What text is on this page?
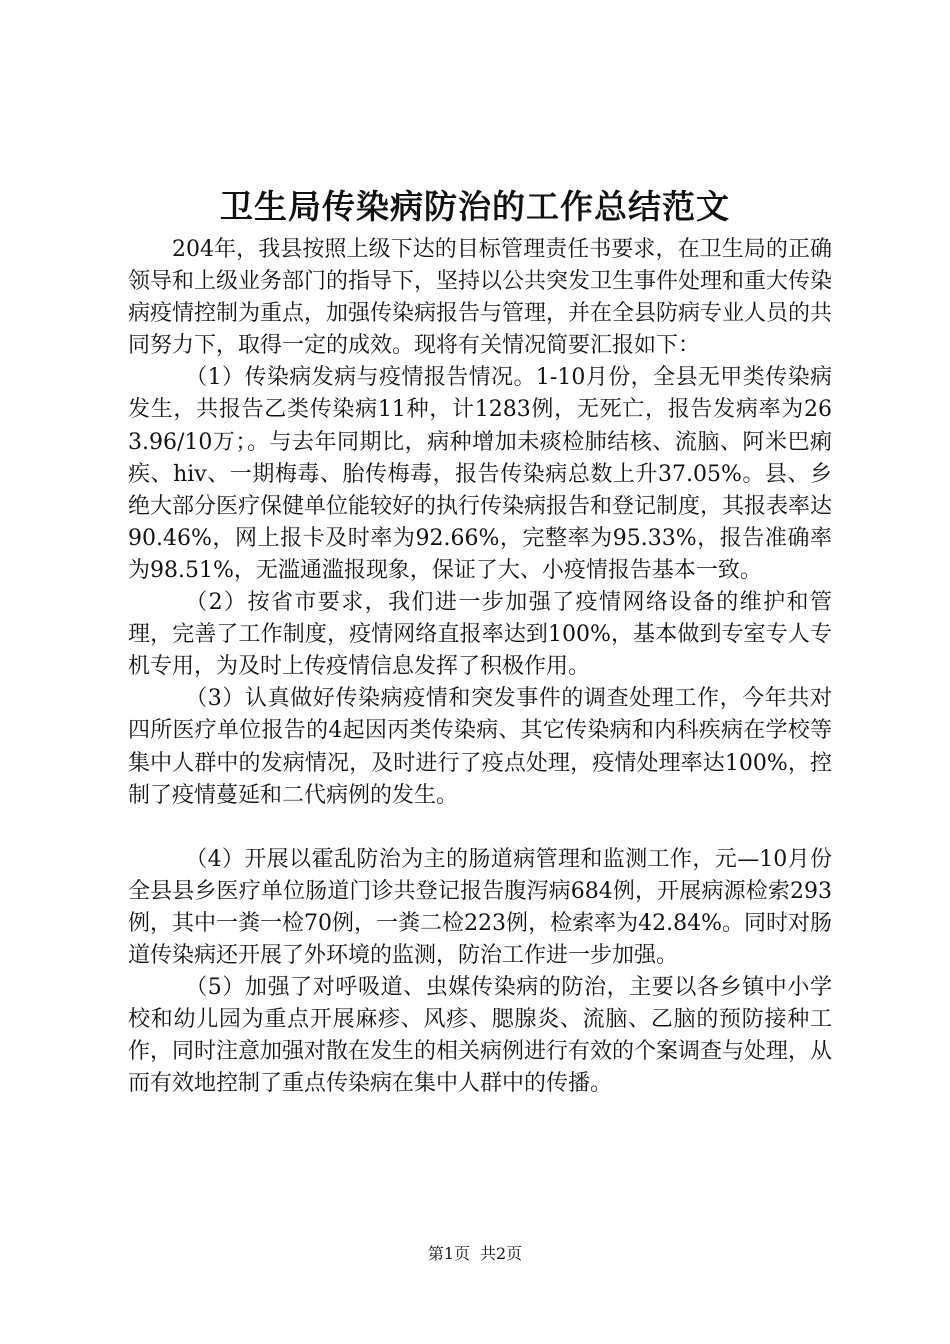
卫生局传染病防治的工作总结范文

204年，我县按照上级下达的目标管理责任书要求，在卫生局的正确领导和上级业务部门的指导下，坚持以公共突发卫生事件处理和重大传染病疫情控制为重点，加强传染病报告与管理，并在全县防病专业人员的共同努力下，取得一定的成效。现将有关情况简要汇报如下：

（1）传染病发病与疫情报告情况。1-10月份，全县无甲类传染病发生，共报告乙类传染病11种，计1283例，无死亡，报告发病率为263.96/10万；。与去年同期比，病种增加未痰检肺结核、流脑、阿米巴痢疾、hiv、一期梅毒、胎传梅毒，报告传染病总数上升37.05%。县、乡绝大部分医疗保健单位能较好的执行传染病报告和登记制度，其报表率达90.46%，网上报卡及时率为92.66%，完整率为95.33%，报告准确率为98.51%，无滥通滥报现象，保证了大、小疫情报告基本一致。

（2）按省市要求，我们进一步加强了疫情网络设备的维护和管理，完善了工作制度，疫情网络直报率达到100%，基本做到专室专人专机专用，为及时上传疫情信息发挥了积极作用。

（3）认真做好传染病疫情和突发事件的调查处理工作，今年共对四所医疗单位报告的4起因丙类传染病、其它传染病和内科疾病在学校等集中人群中的发病情况，及时进行了疫点处理，疫情处理率达100%，控制了疫情蔓延和二代病例的发生。

（4）开展以霍乱防治为主的肠道病管理和监测工作，元—10月份全县县乡医疗单位肠道门诊共登记报告腹泻病684例，开展病源检索293例，其中一粪一检70例，一粪二检223例，检索率为42.84%。同时对肠道传染病还开展了外环境的监测，防治工作进一步加强。

（5）加强了对呼吸道、虫媒传染病的防治，主要以各乡镇中小学校和幼儿园为重点开展麻疹、风疹、腮腺炎、流脑、乙脑的预防接种工作，同时注意加强对散在发生的相关病例进行有效的个案调查与处理，从而有效地控制了重点传染病在集中人群中的传播。

第1页 共2页
